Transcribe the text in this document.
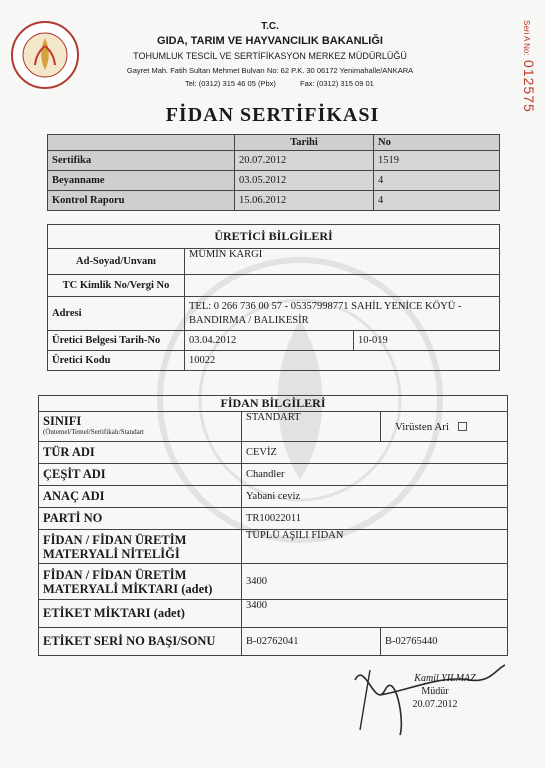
T.C.
GIDA, TARIM VE HAYVANCILIK BAKANLIĞI
TOHUMLUK TESCİL VE SERTİFİKASYON MERKEZ MÜDÜRLÜĞÜ
Gayret Mah. Fatih Sultan Mehmet Bulvarı No: 62 P.K. 30 06172 Yenimahalle/ANKARA
Tel: (0312) 315 46 05 (Pbx)	Fax: (0312) 315 09 01
Seri A No: 012575
FİDAN SERTİFİKASI
	Tarihi	No
Sertifika	20.07.2012	1519
Beyanname	03.05.2012	4
Kontrol Raporu	15.06.2012	4
ÜRETİCİ BİLGİLERİ		
Ad-Soyad/Unvanı	MÜMİN KARGI	
TC Kimlik No/Vergi No		
Adresi	TEL: 0 266 736 00 57 - 05357998771 SAHİL YENİCE KÖYÜ -
BANDIRMA / BALIKESİR	

Üretici Belgesi Tarih-No	03.04.2012	10-019
Üretici Kodu	10022	
FİDAN BİLGİLERİ		
SINIFI
(Öntemel/Temel/Sertifikalı/Standart	STANDART	Virüsten Ari
TÜR ADI	CEVİZ	
ÇEŞİT ADI	Chandler	
ANAÇ ADI	Yabani ceviz	
PARTİ NO	TR10022011	

FİDAN / FİDAN ÜRETİM
MATERYALİ NİTELİĞİ	TÜPLÜ AŞILI FİDAN	

FİDAN / FİDAN ÜRETİM
MATERYALİ MİKTARI (adet)	3400	
ETİKET MİKTARI (adet)	3400	
ETİKET SERİ NO BAŞI/SONU	B-02762041	B-02765440
Kamil YILMAZ
Müdür
20.07.2012
